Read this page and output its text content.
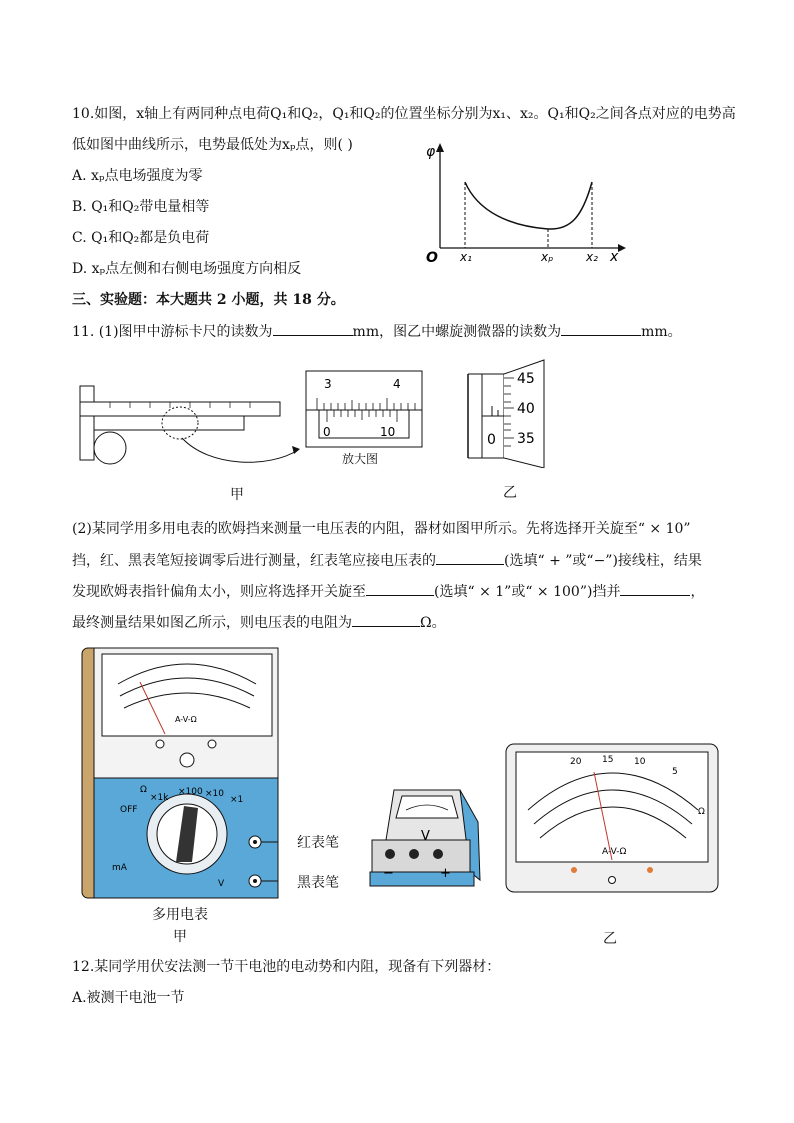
10.如图，x轴上有两同种点电荷Q₁和Q₂，Q₁和Q₂的位置坐标分别为x₁、x₂。Q₁和Q₂之间各点对应的电势高
低如图中曲线所示，电势最低处为xₚ点，则( )
A. xₚ点电场强度为零
B. Q₁和Q₂带电量相等
C. Q₁和Q₂都是负电荷
D. xₚ点左侧和右侧电场强度方向相反
φ
x
O x₁	xₚ	x₂
三、实验题：本大题共 2 小题，共 18 分。
11. (1)图甲中游标卡尺的读数为	mm，图乙中螺旋测微器的读数为	mm。
3	4
0	10
放大图
甲
45
40
35
0
乙
(2)某同学用多用电表的欧姆挡来测量一电压表的内阻，器材如图甲所示。先将选择开关旋至“ × 10”
挡，红、黑表笔短接调零后进行测量，红表笔应接电压表的	(选填“ + ”或“−”)接线柱，结果
发现欧姆表指针偏角太小，则应将选择开关旋至	(选填“ × 1”或“ × 100”)挡并	，
最终测量结果如图乙所示，则电压表的电阻为	Ω。
A-V-Ω
Ω
×1k
×100 ×10
×1
OFF
mA
V
红表笔
黑表笔
多用电表
甲
V
−	+
20 15 10
5
Ω
A-V-Ω
乙
12.某同学用伏安法测一节干电池的电动势和内阻，现备有下列器材：
A.被测干电池一节
